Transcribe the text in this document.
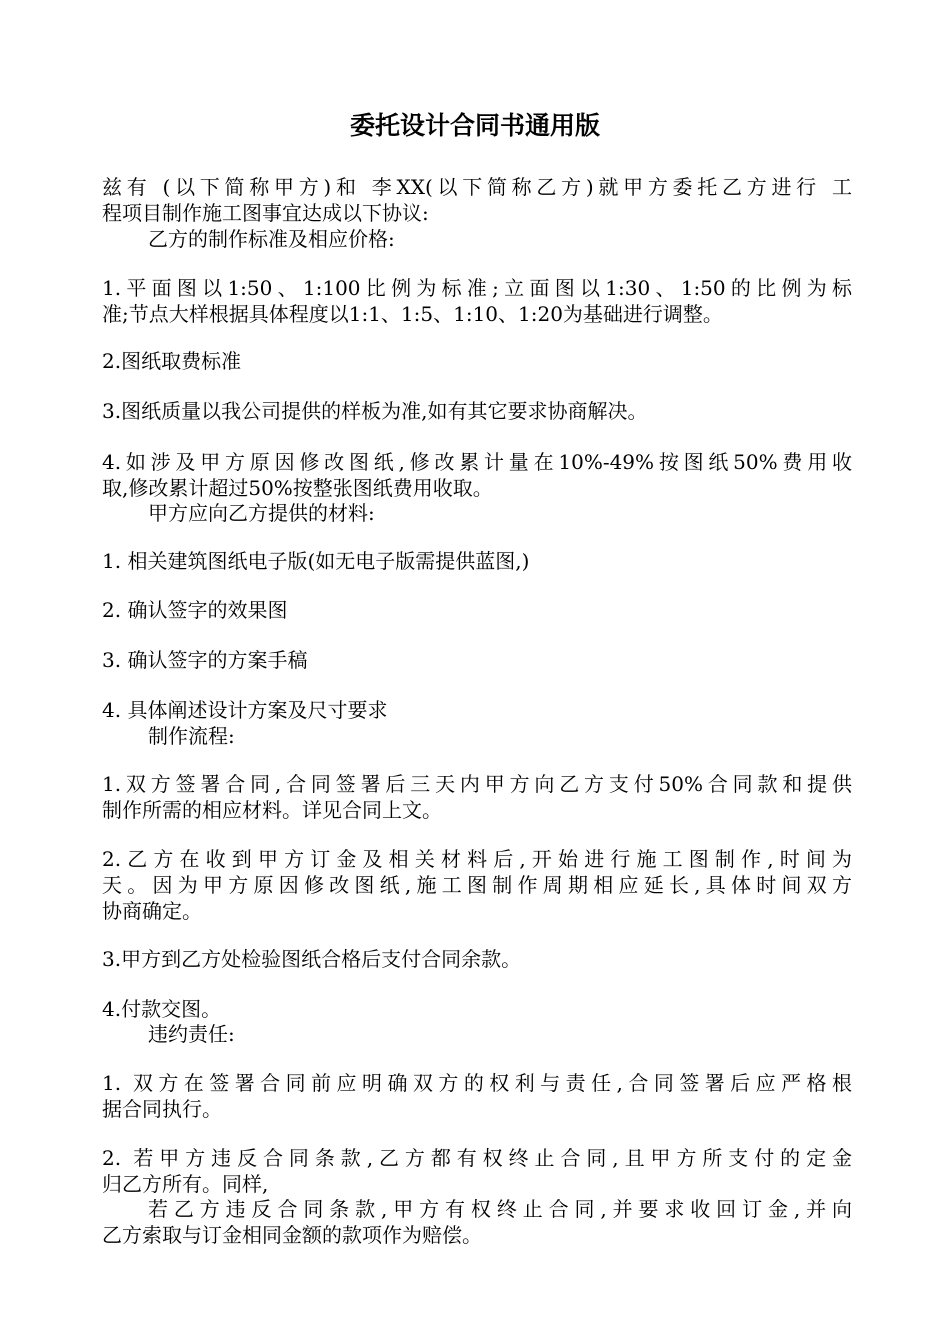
委托设计合同书通用版
兹有 (以下简称甲方)和 李XX(以下简称乙方)就甲方委托乙方进行 工
程项目制作施工图事宜达成以下协议:
乙方的制作标准及相应价格:
1.平面图以1:50、1:100比例为标准;立面图以1:30、1:50的比例为标
准;节点大样根据具体程度以1:1、1:5、1:10、1:20为基础进行调整。
2.图纸取费标准
3.图纸质量以我公司提供的样板为准,如有其它要求协商解决。
4.如涉及甲方原因修改图纸,修改累计量在10%-49%按图纸50%费用收
取,修改累计超过50%按整张图纸费用收取。
甲方应向乙方提供的材料:
1. 相关建筑图纸电子版(如无电子版需提供蓝图,)
2. 确认签字的效果图
3. 确认签字的方案手稿
4. 具体阐述设计方案及尺寸要求
制作流程:
1.双方签署合同,合同签署后三天内甲方向乙方支付50%合同款和提供
制作所需的相应材料。详见合同上文。
2.乙方在收到甲方订金及相关材料后,开始进行施工图制作,时间为
天。因为甲方原因修改图纸,施工图制作周期相应延长,具体时间双方
协商确定。
3.甲方到乙方处检验图纸合格后支付合同余款。
4.付款交图。
违约责任:
1. 双方在签署合同前应明确双方的权利与责任,合同签署后应严格根
据合同执行。
2. 若甲方违反合同条款,乙方都有权终止合同,且甲方所支付的定金
归乙方所有。同样,
若乙方违反合同条款,甲方有权终止合同,并要求收回订金,并向
乙方索取与订金相同金额的款项作为赔偿。
